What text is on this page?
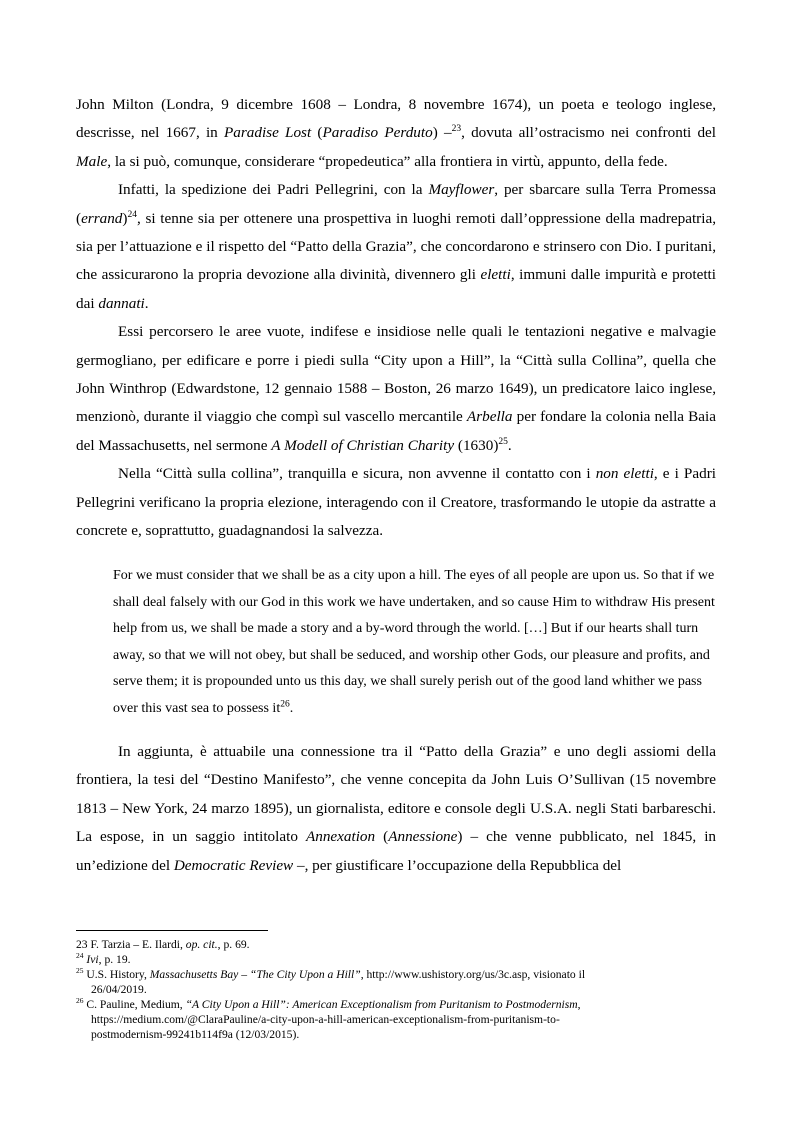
John Milton (Londra, 9 dicembre 1608 – Londra, 8 novembre 1674), un poeta e teologo inglese, descrisse, nel 1667, in Paradise Lost (Paradiso Perduto) –$^{23}$, dovuta all’ostracismo nei confronti del Male, la si può, comunque, considerare “propedeutica” alla frontiera in virtù, appunto, della fede.

Infatti, la spedizione dei Padri Pellegrini, con la Mayflower, per sbarcare sulla Terra Promessa (errand)$^{24}$, si tenne sia per ottenere una prospettiva in luoghi remoti dall’oppressione della madrepatria, sia per l’attuazione e il rispetto del “Patto della Grazia”, che concordarono e strinsero con Dio. I puritani, che assicurarono la propria devozione alla divinità, divennero gli eletti, immuni dalle impurità e protetti dai dannati.

Essi percorsero le aree vuote, indifese e insidiose nelle quali le tentazioni negative e malvagie germogliano, per edificare e porre i piedi sulla “City upon a Hill”, la “Città sulla Collina”, quella che John Winthrop (Edwardstone, 12 gennaio 1588 – Boston, 26 marzo 1649), un predicatore laico inglese, menzionò, durante il viaggio che compì sul vascello mercantile Arbella per fondare la colonia nella Baia del Massachusetts, nel sermone A Modell of Christian Charity $(1630)^{25}$.

Nella “Città sulla collina”, tranquilla e sicura, non avvenne il contatto con i non eletti, e i Padri Pellegrini verificano la propria elezione, interagendo con il Creatore, trasformando le utopie da astratte a concrete e, soprattutto, guadagnandosi la salvezza.

For we must consider that we shall be as a city upon a hill. The eyes of all people are upon us. So that if we shall deal falsely with our God in this work we have undertaken, and so cause Him to withdraw His present help from us, we shall be made a story and a by-word through the world. […] But if our hearts shall turn away, so that we will not obey, but shall be seduced, and worship other Gods, our pleasure and profits, and serve them; it is propounded unto us this day, we shall surely perish out of the good land whither we pass over this vast sea to possess $it^{26}$.

In aggiunta, è attuabile una connessione tra il “Patto della Grazia” e uno degli assiomi della frontiera, la tesi del “Destino Manifesto”, che venne concepita da John Luis O’Sullivan (15 novembre 1813 – New York, 24 marzo 1895), un giornalista, editore e console degli U.S.A. negli Stati barbareschi. La espose, in un saggio intitolato Annexation (Annessione) – che venne pubblicato, nel 1845, in un’edizione del Democratic Review –, per giustificare l’occupazione della Repubblica del

23 F. Tarzia – E. Ilardi, op. cit., p. 69.

$^{24}$ Ivi, p. 19.

$^{25}$ U.S. History, Massachusetts Bay – “The City Upon a Hill”, http://www.ushistory.org/us/3c.asp, visionato il
26/04/2019.

$^{26}$ C. Pauline, Medium, “A City Upon a Hill”: American Exceptionalism from Puritanism to Postmodernism,
https://medium.com/@ClaraPauline/a-city-upon-a-hill-american-exceptionalism-from-puritanism-to-
postmodernism-99241b114f9a (12/03/2015).
